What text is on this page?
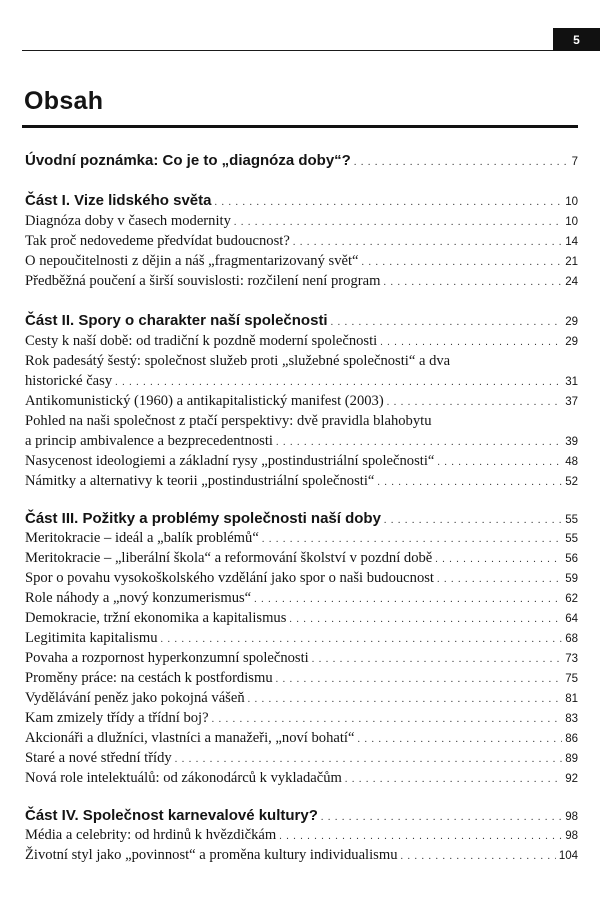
5
Obsah
Úvodní poznámka: Co je to „diagnóza doby“? . . .	7
Část I. Vize lidského světa . . .	10
Diagnóza doby v časech modernity . . .	10
Tak proč nedovedeme předvídat budoucnost? . . .	14
O nepoučitelnosti z dějin a náš „fragmentarizovaný svět“ . . .	21
Předběžná poučení a širší souvislosti: rozčilení není program . . .	24
Část II. Spory o charakter naší společnosti . . .	29
Cesty k naší době: od tradiční k pozdně moderní společnosti . . .	29
Rok padesátý šestý: společnost služeb proti „služebné společnosti“ a dva
historické časy . . .	31
Antikomunistický (1960) a antikapitalistický manifest (2003) . . .	37
Pohled na naši společnost z ptačí perspektivy: dvě pravidla blahobytu
a princip ambivalence a bezprecedentnosti . . .	39
Nasycenost ideologiemi a základní rysy „postindustriální společnosti“ . . .	48
Námitky a alternativy k teorii „postindustriální společnosti“ . . .	52
Část III. Požitky a problémy společnosti naší doby . . .	55
Meritokracie – ideál a „balík problémů“ . . .	55
Meritokracie – „liberální škola“ a reformování školství v pozdní době . . .	56
Spor o povahu vysokoškolského vzdělání jako spor o naši budoucnost . . .	59
Role náhody a „nový konzumerismus“ . . .	62
Demokracie, tržní ekonomika a kapitalismus . . .	64
Legitimita kapitalismu . . .	68
Povaha a rozpornost hyperkonzumní společnosti . . .	73
Proměny práce: na cestách k postfordismu . . .	75
Vydělávání peněz jako pokojná vášeň . . .	81
Kam zmizely třídy a třídní boj? . . .	83
Akcionáři a dlužníci, vlastníci a manažeři, „noví bohatí“ . . .	86
Staré a nové střední třídy . . .	89
Nová role intelektuálů: od zákonodárců k vykladačům . . .	92
Část IV. Společnost karnevalové kultury? . . .	98
Média a celebrity: od hrdinů k hvězdičkám . . .	98
Životní styl jako „povinnost“ a proměna kultury individualismu . . .	104
